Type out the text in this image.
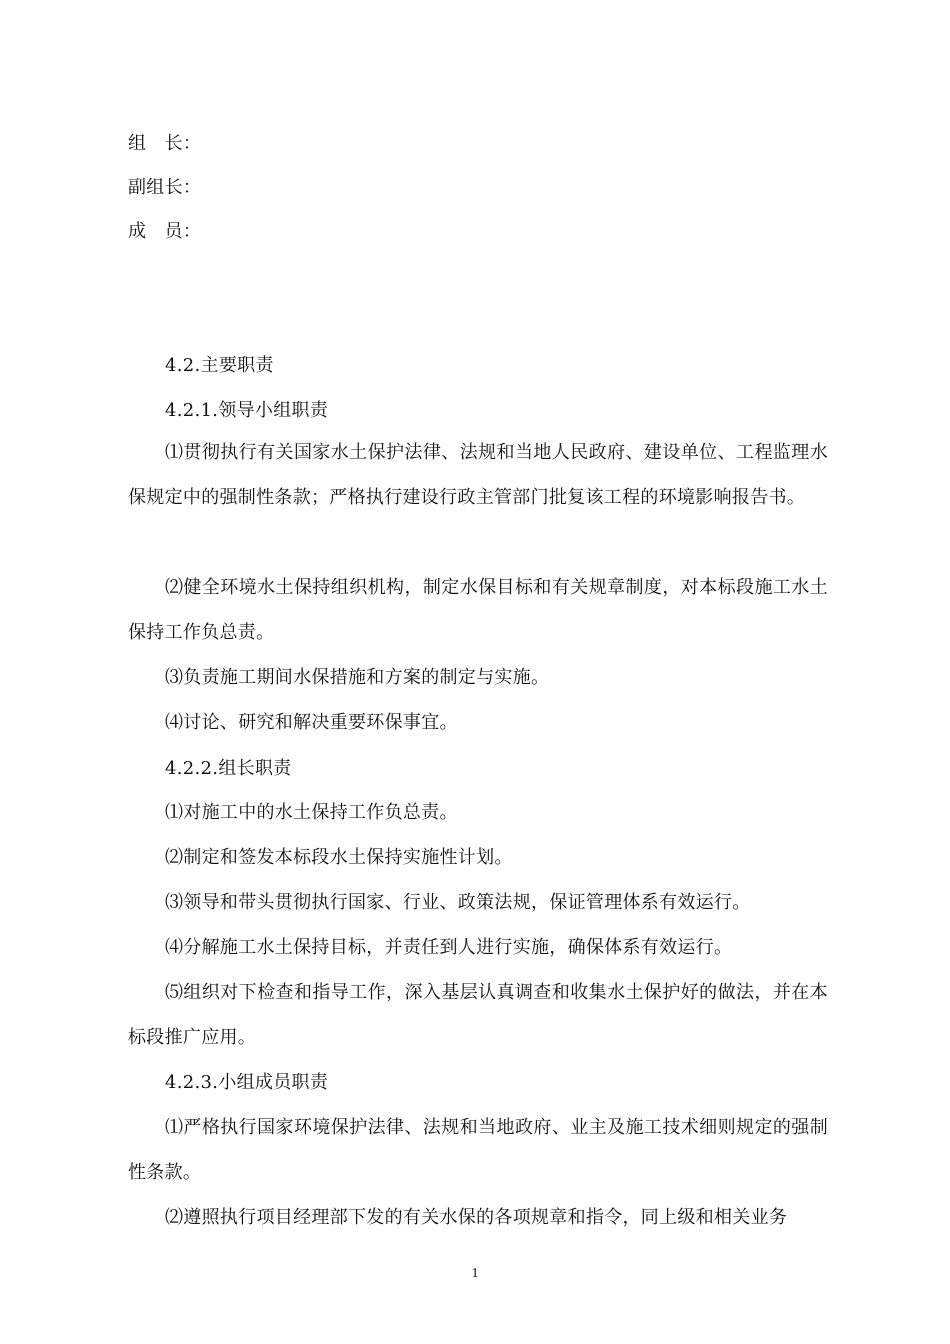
组　长：
副组长：
成　员：
4.2.主要职责
4.2.1.领导小组职责
⑴贯彻执行有关国家水土保护法律、法规和当地人民政府、建设单位、工程监理水保规定中的强制性条款；严格执行建设行政主管部门批复该工程的环境影响报告书。
⑵健全环境水土保持组织机构，制定水保目标和有关规章制度，对本标段施工水土保持工作负总责。
⑶负责施工期间水保措施和方案的制定与实施。
⑷讨论、研究和解决重要环保事宜。
4.2.2.组长职责
⑴对施工中的水土保持工作负总责。
⑵制定和签发本标段水土保持实施性计划。
⑶领导和带头贯彻执行国家、行业、政策法规，保证管理体系有效运行。
⑷分解施工水土保持目标，并责任到人进行实施，确保体系有效运行。
⑸组织对下检查和指导工作，深入基层认真调查和收集水土保护好的做法，并在本标段推广应用。
4.2.3.小组成员职责
⑴严格执行国家环境保护法律、法规和当地政府、业主及施工技术细则规定的强制性条款。
⑵遵照执行项目经理部下发的有关水保的各项规章和指令，同上级和相关业务
1
